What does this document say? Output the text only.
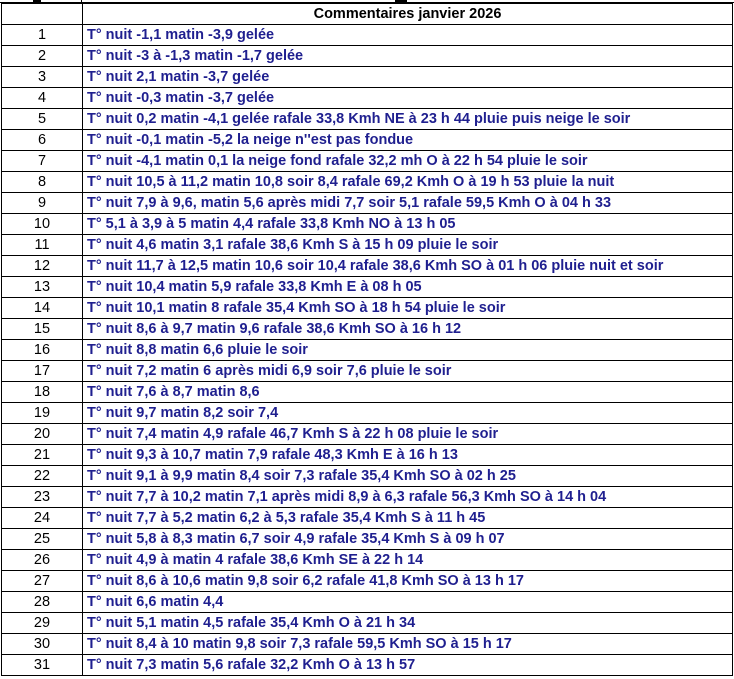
	Commentaires janvier 2026
1	T° nuit -1,1 matin -3,9 gelée
2	T° nuit -3 à -1,3 matin -1,7 gelée
3	T° nuit 2,1 matin -3,7 gelée
4	T° nuit -0,3 matin -3,7 gelée
5	T° nuit 0,2 matin -4,1 gelée rafale 33,8 Kmh NE à 23 h 44 pluie puis neige le soir
6	T° nuit -0,1 matin -5,2 la neige n''est pas fondue
7	T° nuit -4,1 matin 0,1 la neige fond rafale 32,2 mh O à 22 h 54 pluie le soir
8	T° nuit 10,5 à 11,2 matin 10,8 soir 8,4 rafale 69,2 Kmh O à 19 h 53 pluie la nuit
9	T° nuit 7,9 à 9,6, matin 5,6 après midi 7,7 soir 5,1 rafale 59,5 Kmh O à 04 h 33
10	T° 5,1 à 3,9 à 5 matin 4,4 rafale 33,8 Kmh NO à 13 h 05
11	T° nuit 4,6 matin 3,1 rafale 38,6 Kmh S à 15 h 09 pluie le soir
12	T° nuit 11,7 à 12,5 matin 10,6 soir 10,4 rafale 38,6 Kmh SO à 01 h 06 pluie nuit et soir
13	T° nuit 10,4 matin 5,9 rafale 33,8 Kmh E à 08 h 05
14	T° nuit 10,1 matin 8 rafale 35,4 Kmh SO à 18 h 54 pluie le soir
15	T° nuit 8,6 à 9,7 matin 9,6 rafale 38,6 Kmh SO à 16 h 12
16	T° nuit 8,8 matin 6,6 pluie le soir
17	T° nuit 7,2 matin 6 après midi 6,9 soir 7,6 pluie le soir
18	T° nuit 7,6 à 8,7 matin 8,6
19	T° nuit 9,7 matin 8,2 soir 7,4
20	T° nuit 7,4 matin 4,9 rafale 46,7 Kmh S à 22 h 08 pluie le soir
21	T° nuit 9,3 à 10,7 matin 7,9 rafale 48,3 Kmh E à 16 h 13
22	T° nuit 9,1 à 9,9 matin 8,4 soir 7,3 rafale 35,4 Kmh SO à 02 h 25
23	T° nuit 7,7 à 10,2 matin 7,1 après midi 8,9 à 6,3 rafale 56,3 Kmh SO à 14 h 04
24	T° nuit 7,7 à 5,2 matin 6,2 à 5,3 rafale 35,4 Kmh S à 11 h 45
25	T° nuit 5,8 à 8,3 matin 6,7 soir 4,9 rafale 35,4 Kmh S à 09 h 07
26	T° nuit 4,9 à matin 4 rafale 38,6 Kmh SE à 22 h 14
27	T° nuit 8,6 à 10,6 matin 9,8 soir 6,2 rafale 41,8 Kmh SO à 13 h 17
28	T° nuit 6,6 matin 4,4
29	T° nuit 5,1 matin 4,5 rafale 35,4 Kmh O à 21 h 34
30	T° nuit 8,4 à 10 matin 9,8 soir 7,3 rafale 59,5 Kmh SO à 15 h 17
31	T° nuit 7,3 matin 5,6 rafale 32,2 Kmh O à 13 h 57
